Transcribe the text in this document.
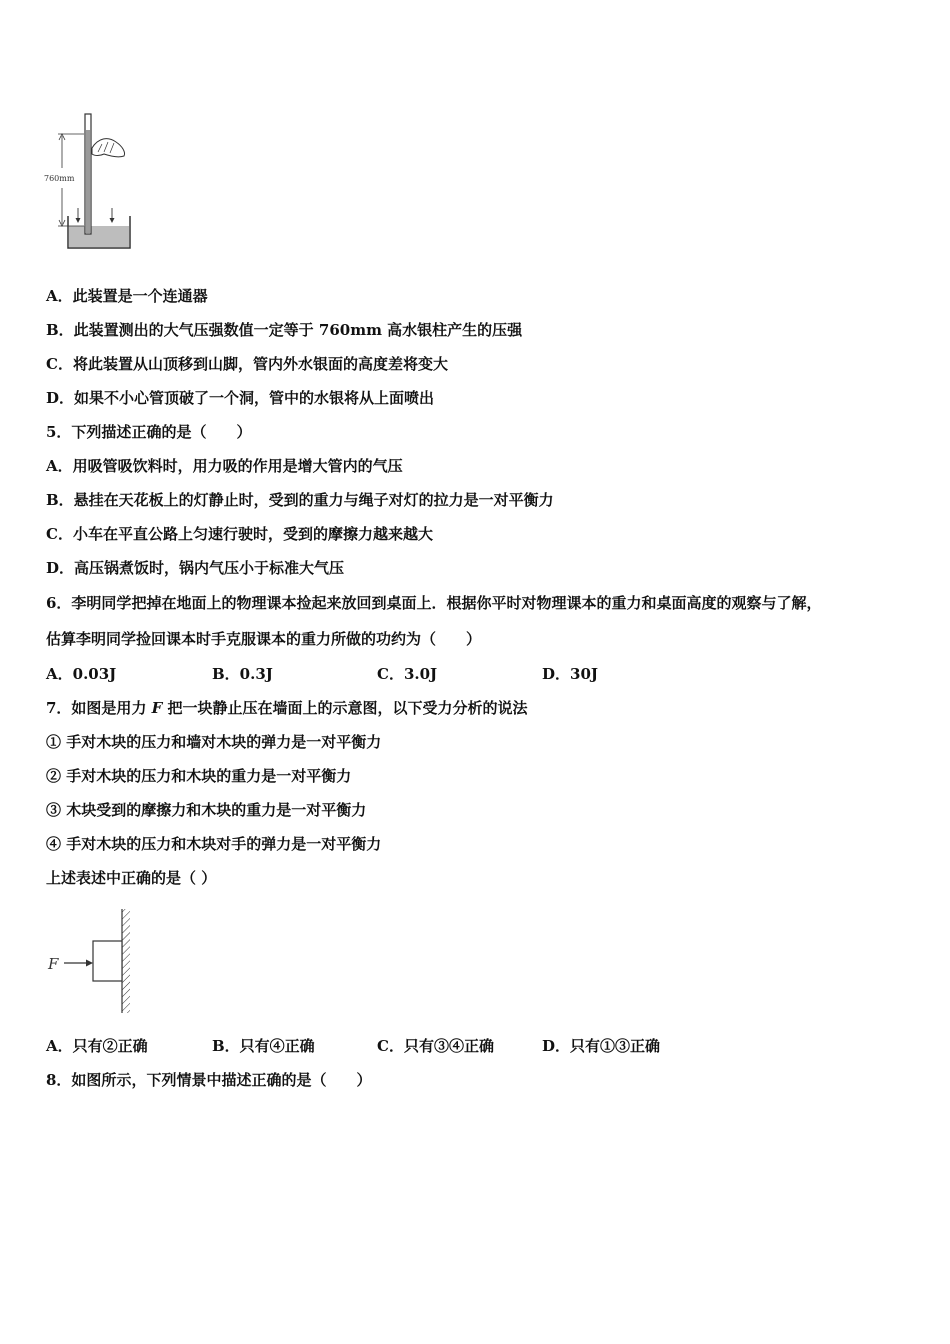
760mm
A．此装置是一个连通器
B．此装置测出的大气压强数值一定等于 760mm 高水银柱产生的压强
C．将此装置从山顶移到山脚，管内外水银面的高度差将变大
D．如果不小心管顶破了一个洞，管中的水银将从上面喷出
5．下列描述正确的是（　　）
A．用吸管吸饮料时，用力吸的作用是增大管内的气压
B．悬挂在天花板上的灯静止时，受到的重力与绳子对灯的拉力是一对平衡力
C．小车在平直公路上匀速行驶时，受到的摩擦力越来越大
D．高压锅煮饭时，锅内气压小于标准大气压
6．李明同学把掉在地面上的物理课本捡起来放回到桌面上．根据你平时对物理课本的重力和桌面高度的观察与了解，
估算李明同学捡回课本时手克服课本的重力所做的功约为（　　）
A．0.03J	B．0.3J	C．3.0J	D．30J
7．如图是用力 F 把一块静止压在墙面上的示意图，以下受力分析的说法
① 手对木块的压力和墙对木块的弹力是一对平衡力
② 手对木块的压力和木块的重力是一对平衡力
③ 木块受到的摩擦力和木块的重力是一对平衡力
④ 手对木块的压力和木块对手的弹力是一对平衡力
上述表述中正确的是（ ）
F
A．只有②正确	B．只有④正确	C．只有③④正确	D．只有①③正确
8．如图所示，下列情景中描述正确的是（　　）
